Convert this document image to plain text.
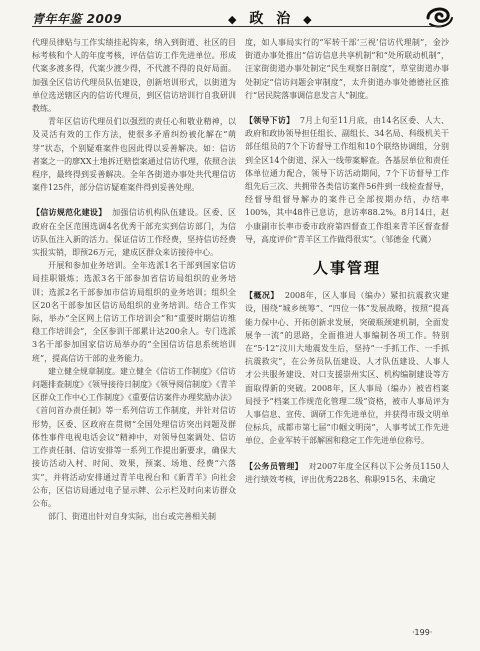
青年年鉴 2009	◆ 政 治 ◆

代理员律贴与工作实绩挂起钩来，纳入到街道、社区的目标考核和个人的年度考核，评估信访工作先进单位。形成代案多渡多得，代案少渡少得，不代渡不得的良好局面。加强全区信访代理员队伍建设，创新培训形式，以街道为单位选送辖区内的信访代理员，到区信访培训行自我研训教练。

青年区信访代理员们以强烈的责任心和敬业精神，以及灵活有效的工作方法，使很多矛盾纠纷被化解在“萌芽”状态，个别疑难案件也因此得以妥善解决。如：信访者案之一的廖XX土地拆迁赔偿案通过信访代理，依照合法程序，最终得到妥善解决。全年各街道办事处共代理信访案件125件，部分信访疑难案件得到妥善处理。

【信访规范化建设】 加强信访机构队伍建设。区委、区政府在全区范围选调4名优秀干部充实到信访部门，为信访队伍注入新的活力。保证信访工作经费，坚持信访经费实报实销，即预26万元，建成区群众来访接待中心。

开展和参加业务培训。全年选派1名干部到国家信访局挂职锻炼；选派3名干部参加省信访局组织的业务培训；选派2名干部参加市信访局组织的业务培训；组织全区20名干部参加区信访局组织的业务培训。结合工作实际，举办“全区网上信访工作培训会”和“重要时期信访维稳工作培训会”，全区参训干部累计达200余人。专门选派3名干部参加国家信访局举办的“全国信访信息系统培训班”，提高信访干部的业务能力。

建立健全规章制度。建立健全《信访工作制度》《信访问题排查制度》《领导接待日制度》《领导阅信制度》《青羊区群众工作中心工作制度》《重要信访案件办理奖励办法》《首问首办责任制》等一系列信访工作制度，并针对信访形势，区委、区政府在贯彻“全国处理信访突出问题及群体性事件电视电话会议”精神中，对领导包案调处、信访工作责任制、信访安排等一系列工作提出新要求，确保大接访活动入村、时间、效果，预案、场地、经费“六落实”，并将活动安排通过青羊电视台和《新青羊》向社会公布，区信访局通过电子显示牌、公示栏及时向来访群众公布。

部门、街道出针对自身实际，出台或完善相关制

度，如人事局实行的“军转干部‘三视’信访代理制”，金沙街道办事处推出“信访信息共享机制”和“处所联动机制”，汪家街街道办事处制定“民生观察日制度”，草堂街道办事处制定“信访问题会审制度”，太升街道办事处德德社区推行“居民院落事调信息发言人”制度。

【领导下访】 7月上旬至11月底，由14名区委、人大、政府和政协领导担任组长、副组长、34名局、科级机关干部任组员的7个下访督导工作组和10个联络协调组，分别到全区14个街道、深入一线带案解查。各基层单位和责任体单位通力配合，领导下访活动期间，7个下访督导工作组先后三次、共拥带各类信访案件56件到一线检查督导，经督导组督导解办的案件已全部按期办结，办结率100%，其中48件已息访，息访率88.2%。8月14日，赵小康副市长率市委市政府第四督查工作组来青羊区督查督导，高度评价“青羊区工作做得很实”。（邹德金 代冀）

人事管理

【概况】 2008年，区人事局（编办）紧扣抗震救灾建设，围绕“城乡统筹”、“四位一体”发展战略，按照“提高能力保中心、开拓创新求发展，突破瓶颈建机制，全面发展争一流”的思路，全面推进人事编制各项工作。特别在“5·12”汶川大地震发生后，坚持“一手抓工作、一手抓抗震救灾”，在公务员队伍建设、人才队伍建设、人事人才公共服务建设、对口支援崇州实区、机构编制建设等方面取得新的突破。2008年，区人事局（编办）被省档案局授予“档案工作规范化管理二级”资格，被市人事局评为人事信息、宣传、调研工作先进单位，并获得市级文明单位标兵，成都市第七届“巾帼文明岗”，人事考试工作先进单位、企业军转干部解困和稳定工作先进单位称号。

【公务员管理】 对2007年度全区科以下公务员1150人进行绩效考核，评出优秀228名、称职915名、未确定

·199·
